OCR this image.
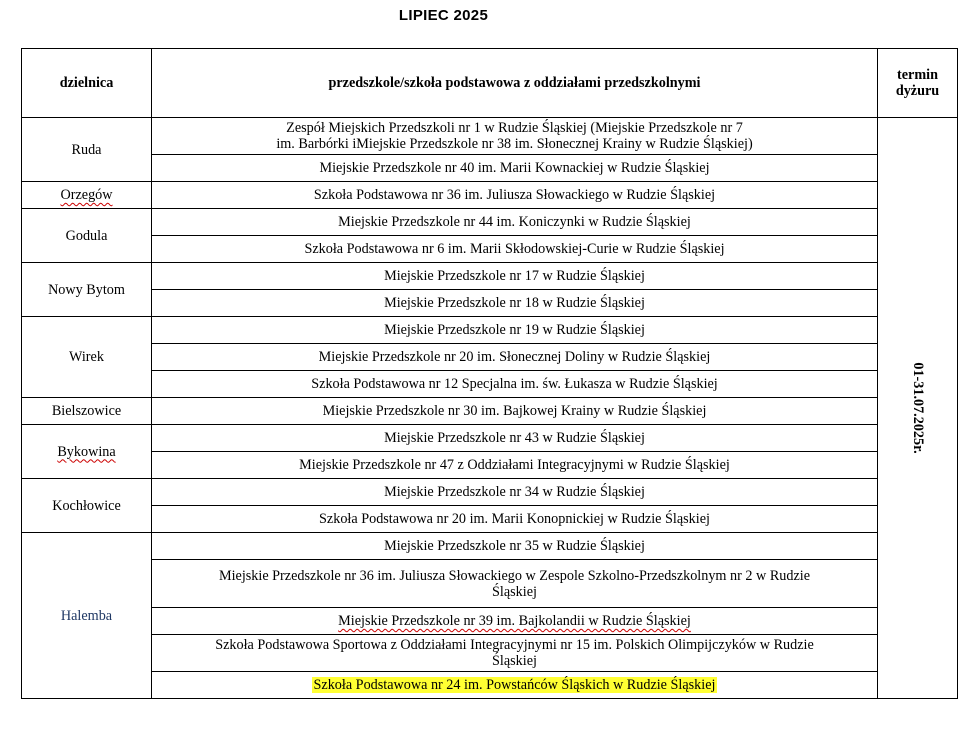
LIPIEC 2025
dzielnica	przedszkole/szkoła podstawowa z oddziałami przedszkolnymi	termin
dyżuru
Ruda	Zespół Miejskich Przedszkoli nr 1 w Rudzie Śląskiej (Miejskie Przedszkole nr 7
im. Barbórki iMiejskie Przedszkole nr 38 im. Słonecznej Krainy w Rudzie Śląskiej)	01-31.07.2025r.

	Miejskie Przedszkole nr 40 im. Marii Kownackiej w Rudzie Śląskiej	
Orzegów	Szkoła Podstawowa nr 36 im. Juliusza Słowackiego w Rudzie Śląskiej	
Godula	Miejskie Przedszkole nr 44 im. Koniczynki w Rudzie Śląskiej	
	Szkoła Podstawowa nr 6 im. Marii Skłodowskiej-Curie w Rudzie Śląskiej	
Nowy Bytom	Miejskie Przedszkole nr 17 w Rudzie Śląskiej	
	Miejskie Przedszkole nr 18 w Rudzie Śląskiej	
Wirek	Miejskie Przedszkole nr 19 w Rudzie Śląskiej	
	Miejskie Przedszkole nr 20 im. Słonecznej Doliny w Rudzie Śląskiej	
	Szkoła Podstawowa nr 12 Specjalna im. św. Łukasza w Rudzie Śląskiej	
Bielszowice	Miejskie Przedszkole nr 30 im. Bajkowej Krainy w Rudzie Śląskiej	
Bykowina	Miejskie Przedszkole nr 43 w Rudzie Śląskiej	
	Miejskie Przedszkole nr 47 z Oddziałami Integracyjnymi w Rudzie Śląskiej	
Kochłowice	Miejskie Przedszkole nr 34 w Rudzie Śląskiej	
	Szkoła Podstawowa nr 20 im. Marii Konopnickiej w Rudzie Śląskiej	
Halemba	Miejskie Przedszkole nr 35 w Rudzie Śląskiej	
	Miejskie Przedszkole nr 36 im. Juliusza Słowackiego w Zespole Szkolno-Przedszkolnym nr 2 w Rudzie
Śląskiej	
	Miejskie Przedszkole nr 39 im. Bajkolandii w Rudzie Śląskiej	
	Szkoła Podstawowa Sportowa z Oddziałami Integracyjnymi nr 15 im. Polskich Olimpijczyków w Rudzie
Śląskiej	
	Szkoła Podstawowa nr 24 im. Powstańców Śląskich w Rudzie Śląskiej	
